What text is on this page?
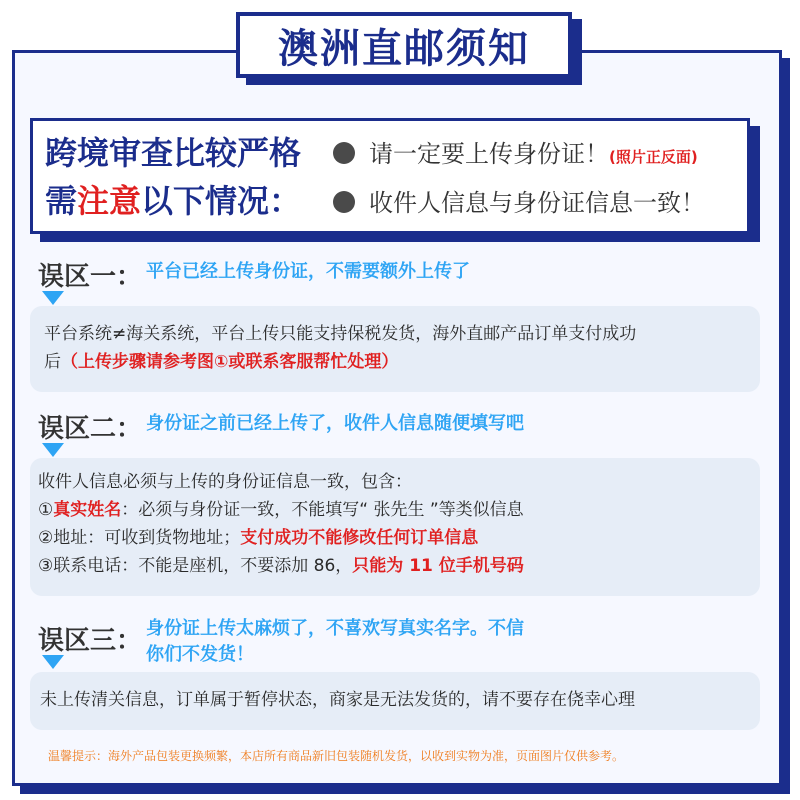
澳洲直邮须知
跨境审查比较严格
需注意以下情况：
请一定要上传身份证！(照片正反面)
收件人信息与身份证信息一致！
误区一： 平台已经上传身份证，不需要额外上传了
平台系统≠海关系统，平台上传只能支持保税发货，海外直邮产品订单支付成功
后（上传步骤请参考图①或联系客服帮忙处理）
误区二： 身份证之前已经上传了，收件人信息随便填写吧
收件人信息必须与上传的身份证信息一致，包含：
①真实姓名：必须与身份证一致，不能填写“ 张先生 ”等类似信息
②地址：可收到货物地址；支付成功不能修改任何订单信息
③联系电话：不能是座机，不要添加 86，只能为 11 位手机号码
误区三： 身份证上传太麻烦了，不喜欢写真实名字。不信
你们不发货！
未上传清关信息，订单属于暂停状态，商家是无法发货的，请不要存在侥幸心理
温馨提示：海外产品包装更换频繁，本店所有商品新旧包装随机发货，以收到实物为准，页面图片仅供参考。
